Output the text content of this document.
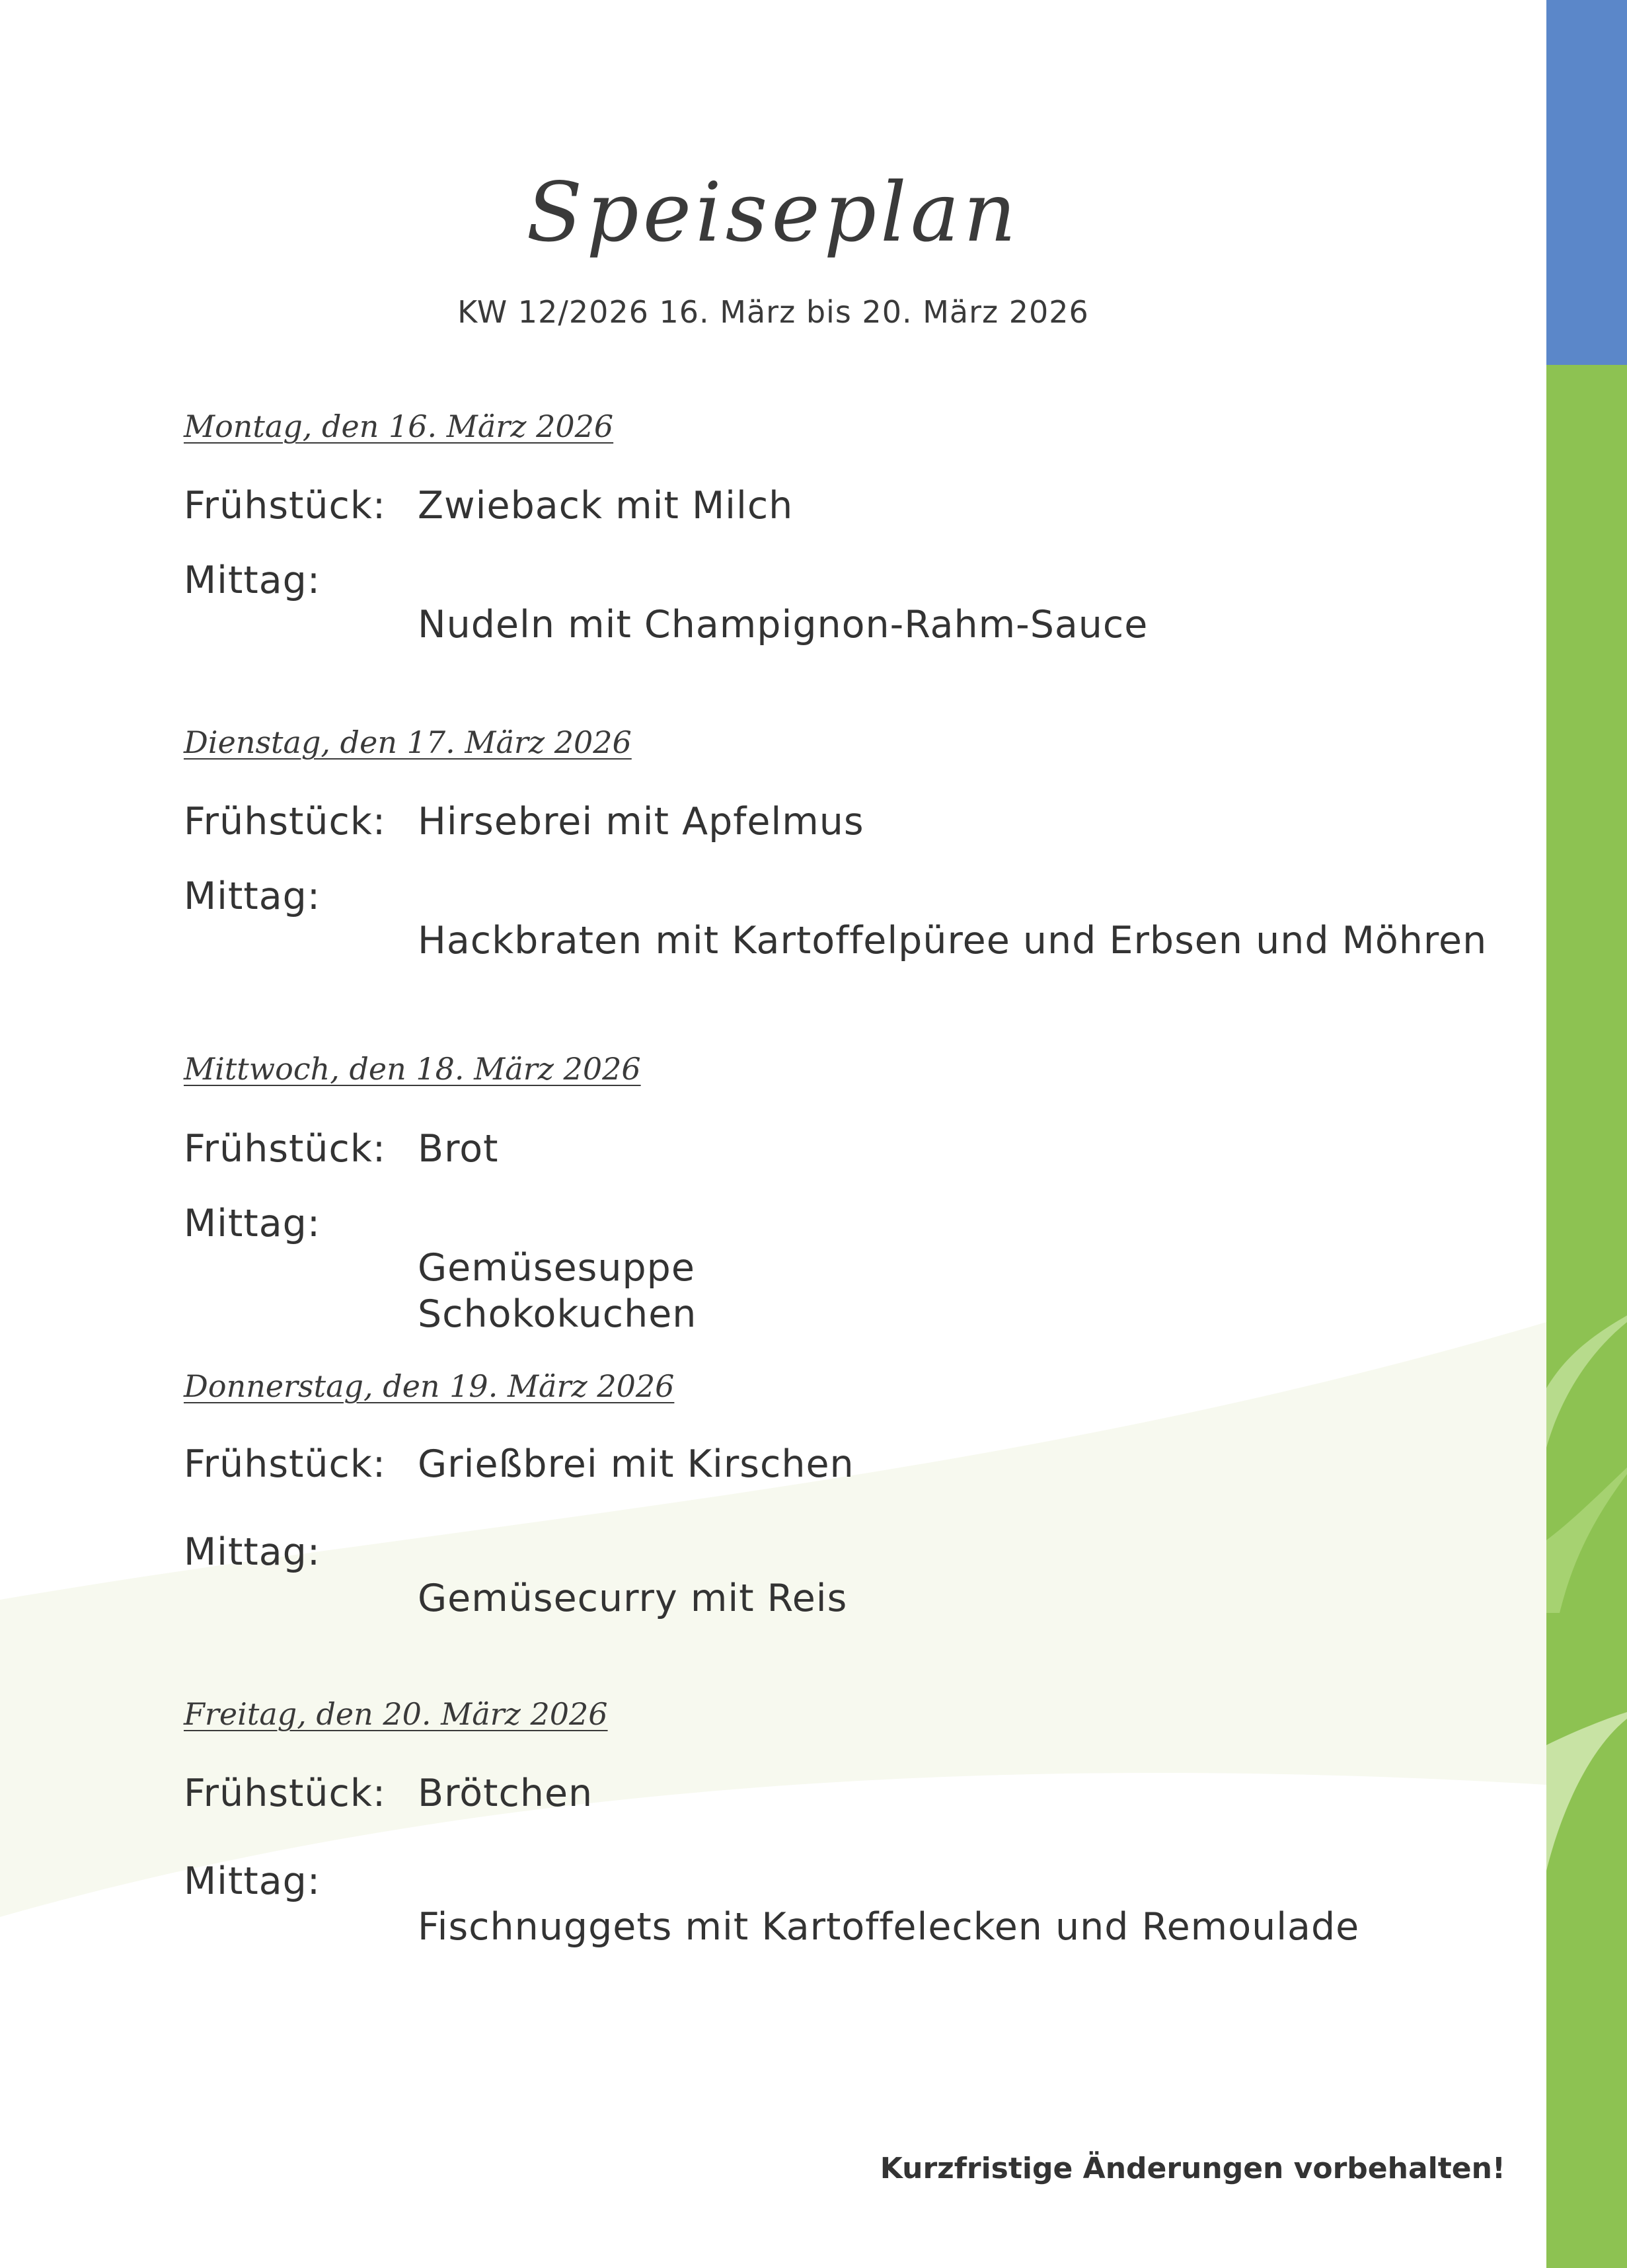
Speiseplan
KW 12/2026 16. März bis 20. März 2026
Montag, den 16. März 2026
Frühstück: Zwieback mit Milch
Mittag:
Nudeln mit Champignon-Rahm-Sauce
Dienstag, den 17. März 2026
Frühstück: Hirsebrei mit Apfelmus
Mittag:
Hackbraten mit Kartoffelpüree und Erbsen und Möhren
Mittwoch, den 18. März 2026
Frühstück: Brot
Mittag:
Gemüsesuppe
Schokokuchen
Donnerstag, den 19. März 2026
Frühstück: Grießbrei mit Kirschen
Mittag:
Gemüsecurry mit Reis
Freitag, den 20. März 2026
Frühstück: Brötchen
Mittag:
Fischnuggets mit Kartoffelecken und Remoulade
Kurzfristige Änderungen vorbehalten!
